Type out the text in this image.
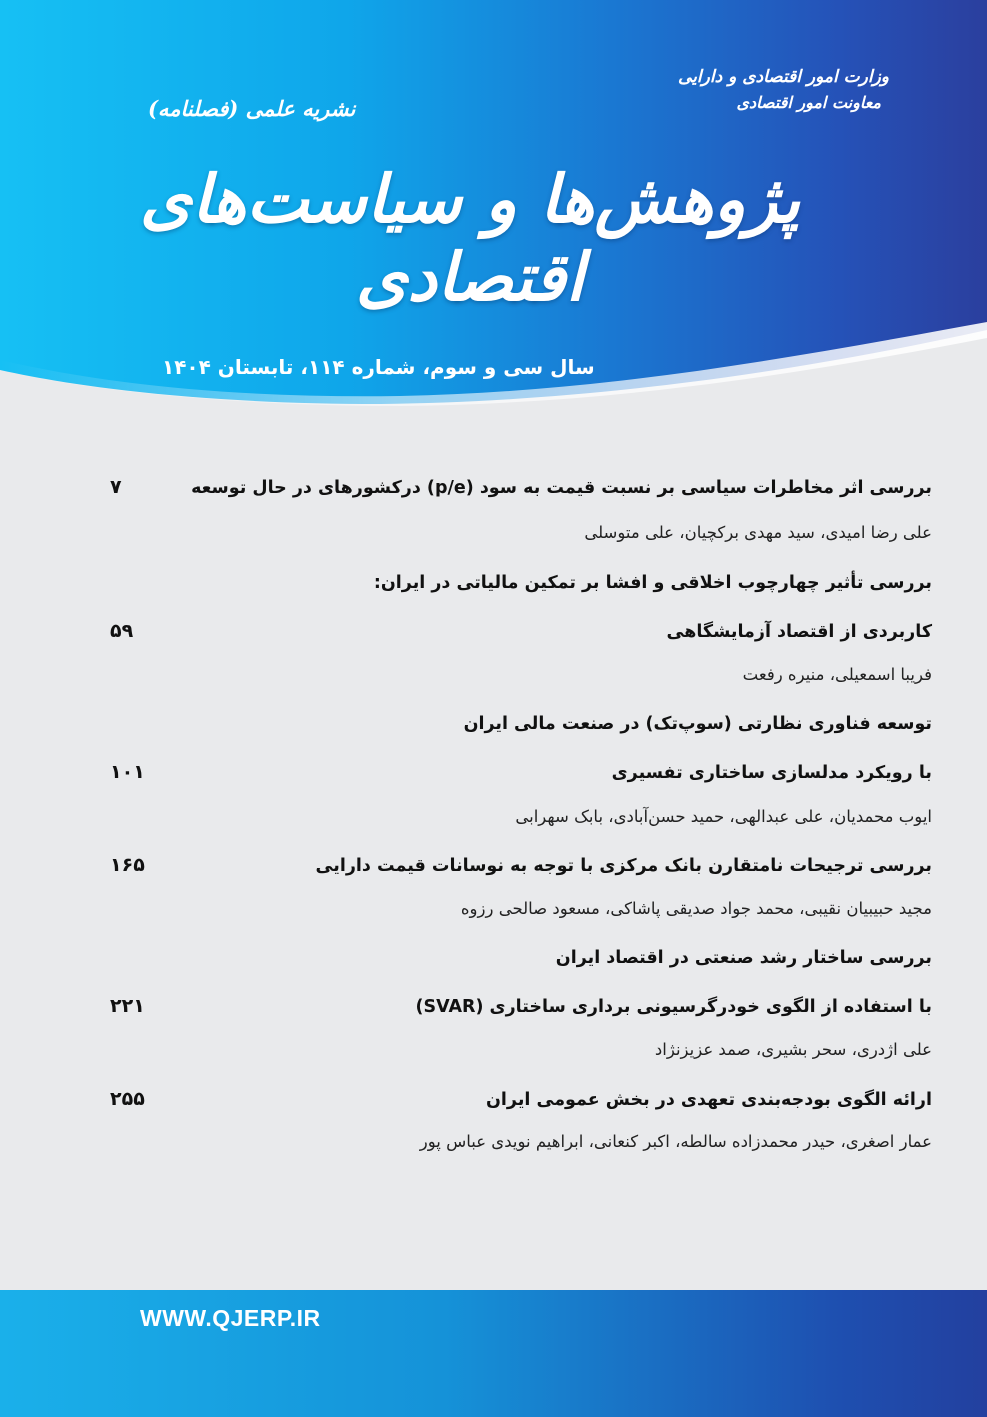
وزارت امور اقتصادی و دارایی
معاونت امور اقتصادی
نشریه علمی (فصلنامه)
پژوهش‌ها و سیاست‌های اقتصادی
سال سی و سوم، شماره ۱۱۴، تابستان ۱۴۰۴
بررسی اثر مخاطرات سیاسی بر نسبت قیمت به سود (p/e) درکشورهای در حال توسعه
۷
علی رضا امیدی، سید مهدی برکچیان، علی متوسلی
بررسی تأثیر چهارچوب اخلاقی و افشا بر تمکین مالیاتی در ایران:
کاربردی از اقتصاد آزمایشگاهی
۵۹
فریبا اسمعیلی، منیره رفعت
توسعه فناوری نظارتی (سوپ‌تک) در صنعت مالی ایران
با رویکرد مدلسازی ساختاری تفسیری
۱۰۱
ایوب محمدیان، علی عبدالهی، حمید حسن‌آبادی، بابک سهرابی
بررسی ترجیحات نامتقارن بانک مرکزی با توجه به نوسانات قیمت دارایی
۱۶۵
مجید حبیبیان نقیبی، محمد جواد صدیقی پاشاکی، مسعود صالحی رزوه
بررسی ساختار رشد صنعتی در اقتصاد ایران
با استفاده از الگوی خودرگرسیونی برداری ساختاری (SVAR)
۲۲۱
علی اژدری، سحر بشیری، صمد عزیزنژاد
ارائه الگوی بودجه‌بندی تعهدی در بخش عمومی ایران
۲۵۵
عمار اصغری، حیدر محمدزاده سالطه، اکبر کنعانی، ابراهیم نویدی عباس پور
WWW.QJERP.IR
